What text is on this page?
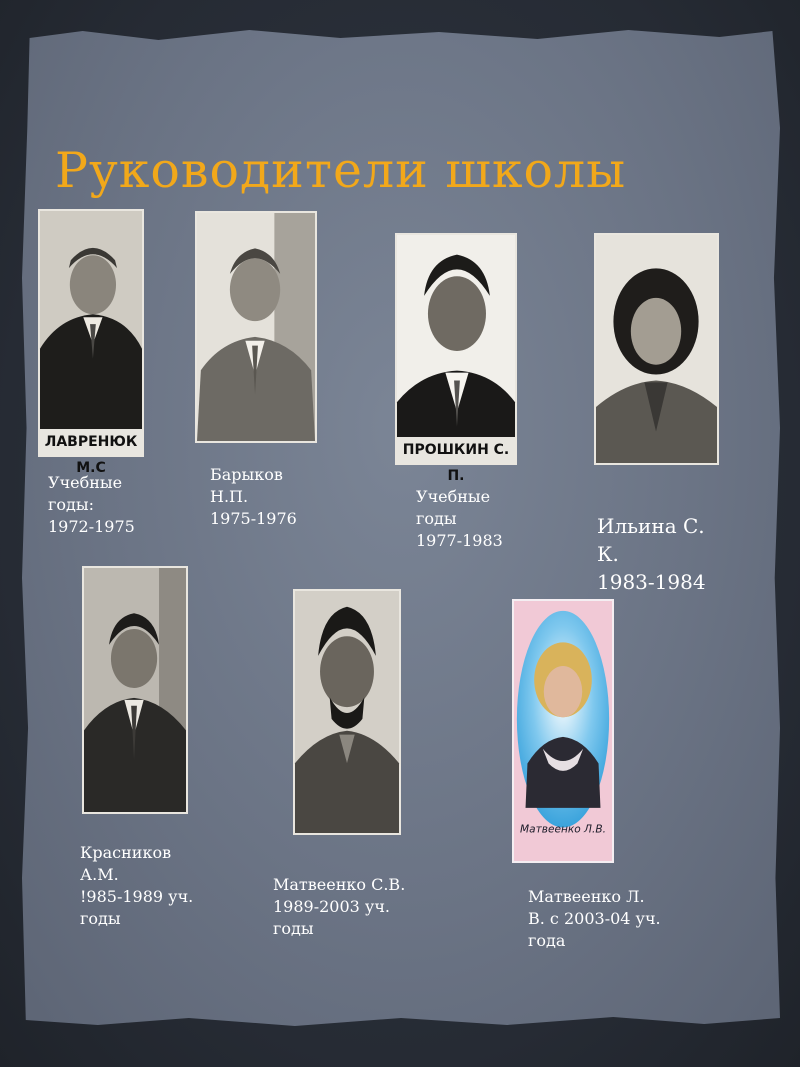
Руководители школы
ЛАВРЕНЮК М.С
ПРОШКИН С. П.
Матвеенко Л.В.
Учебные
годы:
1972-1975
Барыков
Н.П.
1975-1976
Учебные
годы
1977-1983
Ильина С.
К.
1983-1984
Красников
А.М.
!985-1989 уч.
годы
Матвеенко С.В.
1989-2003 уч.
годы
Матвеенко Л.
В. с 2003-04 уч.
года
